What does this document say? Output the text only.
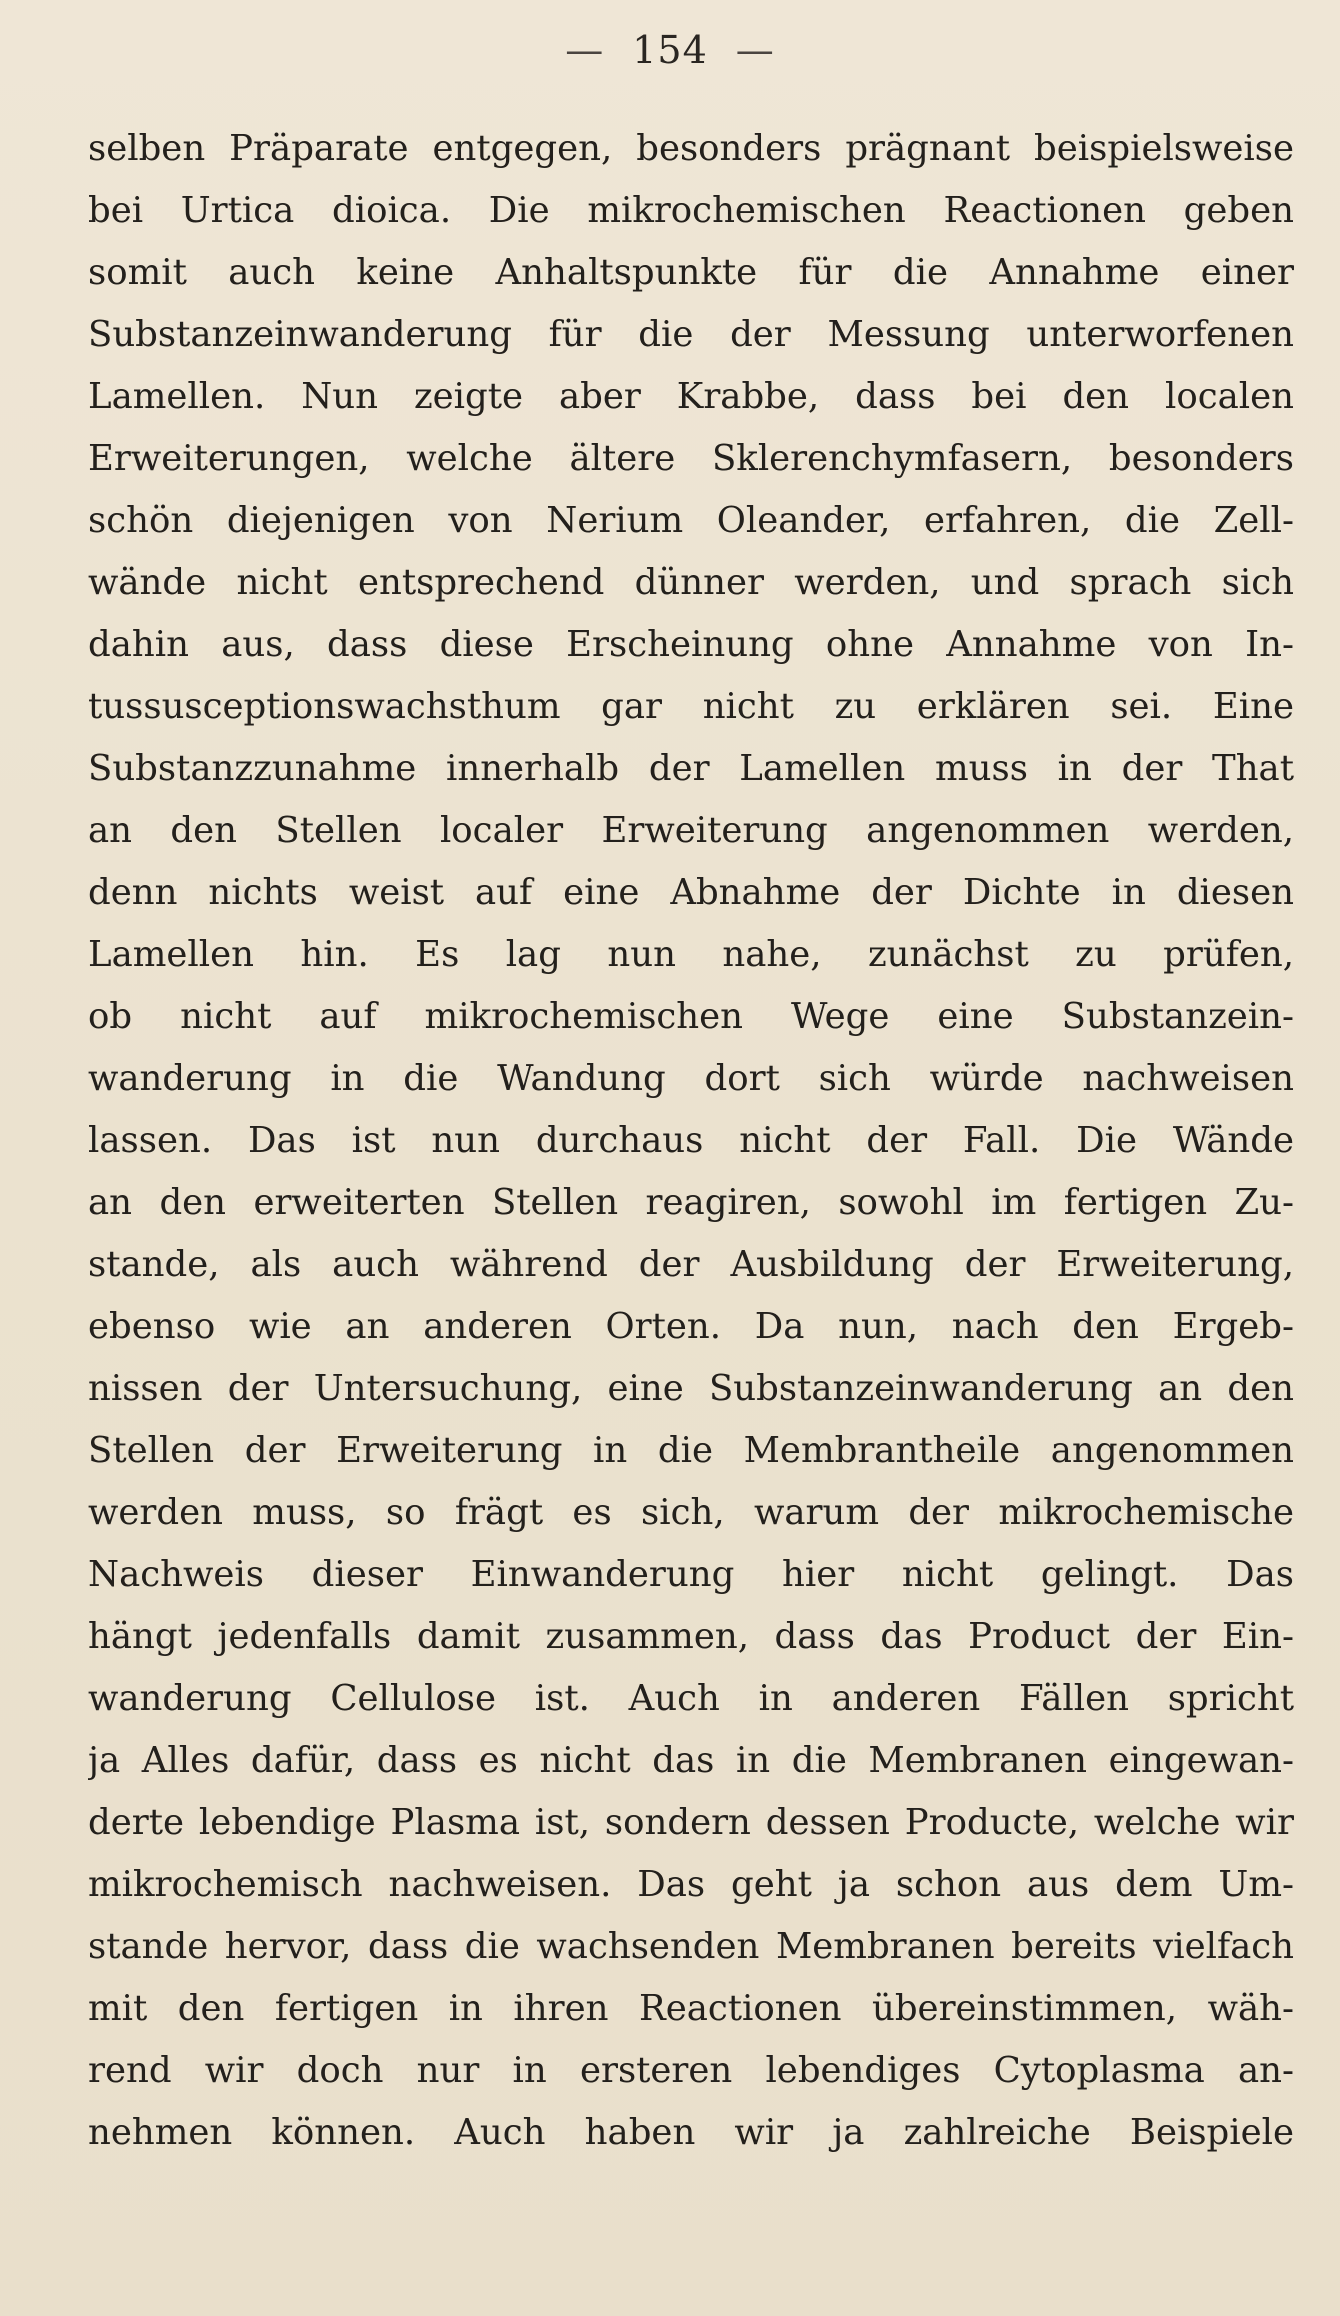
— 154 —
selben Präparate entgegen, besonders prägnant beispielsweise
bei Urtica dioica. Die mikrochemischen Reactionen geben
somit auch keine Anhaltspunkte für die Annahme einer
Substanzeinwanderung für die der Messung unterworfenen
Lamellen. Nun zeigte aber Krabbe, dass bei den localen
Erweiterungen, welche ältere Sklerenchymfasern, besonders
schön diejenigen von Nerium Oleander, erfahren, die Zell-
wände nicht entsprechend dünner werden, und sprach sich
dahin aus, dass diese Erscheinung ohne Annahme von In-
tussusceptionswachsthum gar nicht zu erklären sei. Eine
Substanzzunahme innerhalb der Lamellen muss in der That
an den Stellen localer Erweiterung angenommen werden,
denn nichts weist auf eine Abnahme der Dichte in diesen
Lamellen hin. Es lag nun nahe, zunächst zu prüfen,
ob nicht auf mikrochemischen Wege eine Substanzein-
wanderung in die Wandung dort sich würde nachweisen
lassen. Das ist nun durchaus nicht der Fall. Die Wände
an den erweiterten Stellen reagiren, sowohl im fertigen Zu-
stande, als auch während der Ausbildung der Erweiterung,
ebenso wie an anderen Orten. Da nun, nach den Ergeb-
nissen der Untersuchung, eine Substanzeinwanderung an den
Stellen der Erweiterung in die Membrantheile angenommen
werden muss, so frägt es sich, warum der mikrochemische
Nachweis dieser Einwanderung hier nicht gelingt. Das
hängt jedenfalls damit zusammen, dass das Product der Ein-
wanderung Cellulose ist. Auch in anderen Fällen spricht
ja Alles dafür, dass es nicht das in die Membranen eingewan-
derte lebendige Plasma ist, sondern dessen Producte, welche wir
mikrochemisch nachweisen. Das geht ja schon aus dem Um-
stande hervor, dass die wachsenden Membranen bereits vielfach
mit den fertigen in ihren Reactionen übereinstimmen, wäh-
rend wir doch nur in ersteren lebendiges Cytoplasma an-
nehmen können. Auch haben wir ja zahlreiche Beispiele
